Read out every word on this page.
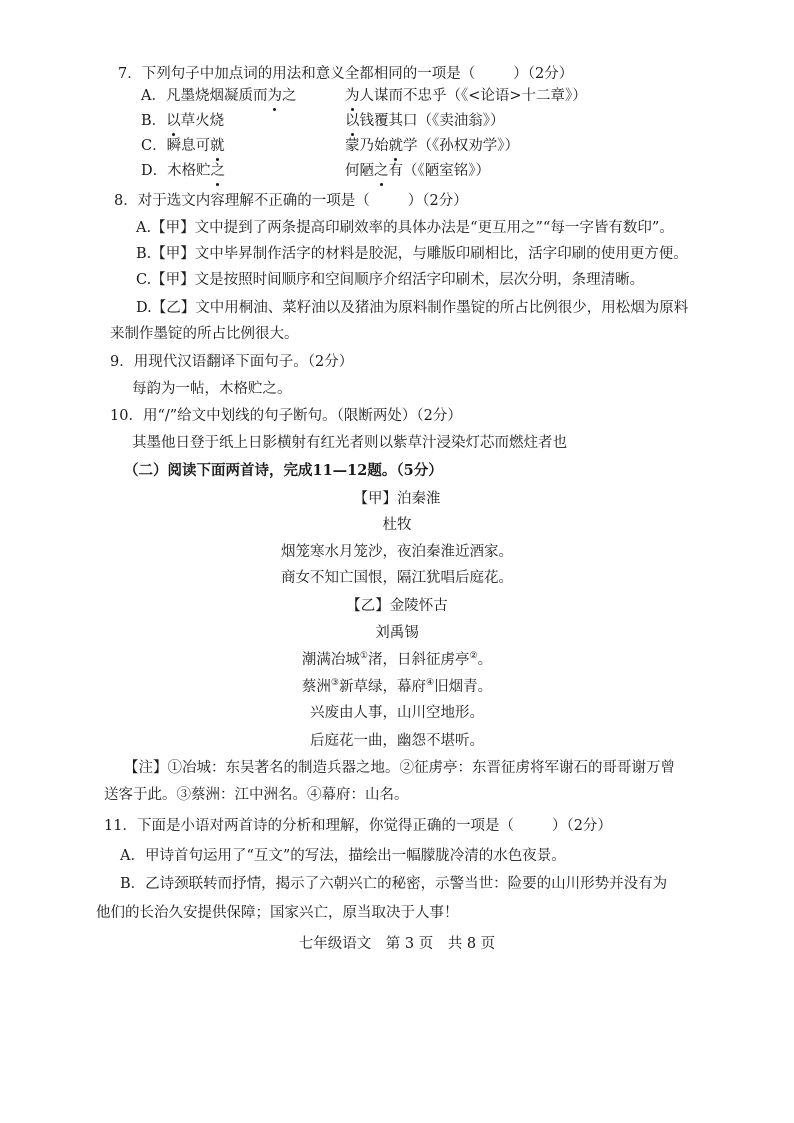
7．下列句子中加点词的用法和意义全都相同的一项是（	）（2分）
A．凡墨烧烟凝质而为之	为人谋而不忠乎（《<论语>十二章》）
B．以草火烧	以钱覆其口（《卖油翁》）
C．瞬息可就	蒙乃始就学（《孙权劝学》）
D．木格贮之	何陋之有（《陋室铭》）
8．对于选文内容理解不正确的一项是（	）（2分）
A.【甲】文中提到了两条提高印刷效率的具体办法是“更互用之”“每一字皆有数印”。
B.【甲】文中毕昇制作活字的材料是胶泥，与雕版印刷相比，活字印刷的使用更方便。
C.【甲】文是按照时间顺序和空间顺序介绍活字印刷术，层次分明，条理清晰。
D.【乙】文中用桐油、菜籽油以及猪油为原料制作墨锭的所占比例很少，用松烟为原料
来制作墨锭的所占比例很大。
9．用现代汉语翻译下面句子。（2分）
每韵为一帖，木格贮之。
10．用“/”给文中划线的句子断句。（限断两处）（2分）
其墨他日登于纸上日影横射有红光者则以紫草汁浸染灯芯而燃炷者也
（二）阅读下面两首诗，完成11—12题。（5分）
【甲】泊秦淮
杜牧
烟笼寒水月笼沙，夜泊秦淮近酒家。
商女不知亡国恨，隔江犹唱后庭花。
【乙】金陵怀古
刘禹锡
潮满冶城①渚，日斜征虏亭②。
蔡洲③新草绿，幕府④旧烟青。
兴废由人事，山川空地形。
后庭花一曲，幽怨不堪听。
【注】①冶城：东吴著名的制造兵器之地。②征虏亭：东晋征虏将军谢石的哥哥谢万曾
送客于此。③蔡洲：江中洲名。④幕府：山名。
11．下面是小语对两首诗的分析和理解，你觉得正确的一项是（	）（2分）
A．甲诗首句运用了“互文”的写法，描绘出一幅朦胧冷清的水色夜景。
B．乙诗颈联转而抒情，揭示了六朝兴亡的秘密，示警当世：险要的山川形势并没有为
他们的长治久安提供保障；国家兴亡，原当取决于人事！
七年级语文　第 3 页　共 8 页
